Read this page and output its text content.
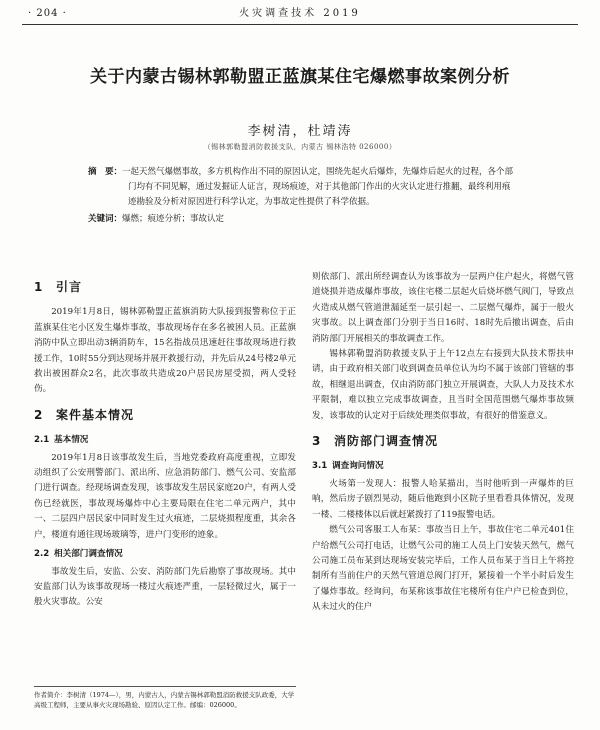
· 204 ·	火灾调查技术 2019
关于内蒙古锡林郭勒盟正蓝旗某住宅爆燃事故案例分析
李树清，杜靖涛
（锡林郭勒盟消防救援支队，内蒙古 锡林浩特 026000）
摘　要：一起天然气爆燃事故，多方机构作出不同的原因认定，围绕先起火后爆炸，先爆炸后起火的过程，各个部门均有不同见解，通过发掘证人证言，现场痕迹，对于其他部门作出的火灾认定进行推翻，最终利用痕迹勘验及分析对原因进行科学认定，为事故定性提供了科学依据。
关键词：爆燃；痕迹分析；事故认定
1 引言

2019年1月8日，锡林郭勒盟正蓝旗消防大队接到报警称位于正蓝旗某住宅小区发生爆炸事故，事故现场存在多名被困人员。正蓝旗消防中队立即出动3辆消防车，15名指战员迅速赶往事故现场进行救援工作，10时55分到达现场并展开救援行动，并先后从24号楼2单元救出被困群众2名，此次事故共造成20户居民房屋受损，两人受轻伤。

2 案件基本情况
2.1 基本情况

2019年1月8日该事故发生后，当地党委政府高度重视，立即发动组织了公安刑警部门、派出所、应急消防部门、燃气公司、安监部门进行调查。经现场调查发现，该事故发生居民家庭20户，有两人受伤已经就医，事故现场爆炸中心主要局限在住宅二单元两户，其中一、二层四户居民家中同时发生过火痕迹，二层烧损程度重，其余各户，楼道有通往现场玻璃等，进户门变形的迹象。

2.2 相关部门调查情况

事故发生后，安监、公安、消防部门先后勘察了事故现场。其中安监部门认为该事故现场一楼过火痕迹严重，一层轻微过火，属于一般火灾事故。公安

则依部门、派出所经调查认为该事故为一层两户住户起火，将燃气管道烧损并造成爆炸事故，该住宅楼二层起火后烧坏燃气阀门，导致点火造成从燃气管道泄漏延至一层引起一、二层燃气爆炸，属于一般火灾事故。以上调查部门分别于当日16时、18时先后撤出调查，后由消防部门开展相关的事故调查工作。

锡林郭勒盟消防救援支队于上午12点左右接到大队技术帮扶申请，由于政府相关部门收到调查员单位认为均不属于该部门管辖的事故，相继退出调查，仅由消防部门独立开展调查，大队人力及技术水平限制，难以独立完成事故调查，且当时全国范围燃气爆炸事故频发，该事故的认定对于后续处理类似事故，有很好的借鉴意义。

3 消防部门调查情况
3.1 调查询问情况

火场第一发现人：报警人哈某描出，当时他听到一声爆炸的巨响，然后房子剧烈晃动，随后他跑到小区院子里看看具体情况，发现一楼、二楼楼体以后就赶紧拨打了119报警电话。

燃气公司客服工人布某：事故当日上午，事故住宅二单元401住户给燃气公司打电话，让燃气公司的施工人员上门安装天然气，燃气公司施工员布某到达现场安装完毕后，工作人员布某于当日上午将控制所有当前住户的天然气管道总阀门打开，紧接着一个半小时后发生了爆炸事故。经询问，布某称该事故住宅楼所有住户户已检查到位，从未过火的住户

作者简介：李树清（1974—），男，内蒙古人，内蒙古锡林郭勒盟消防救援支队政委，大学高级工程师，主要从事火灾现场勘验、原因认定工作。邮编：026000。
